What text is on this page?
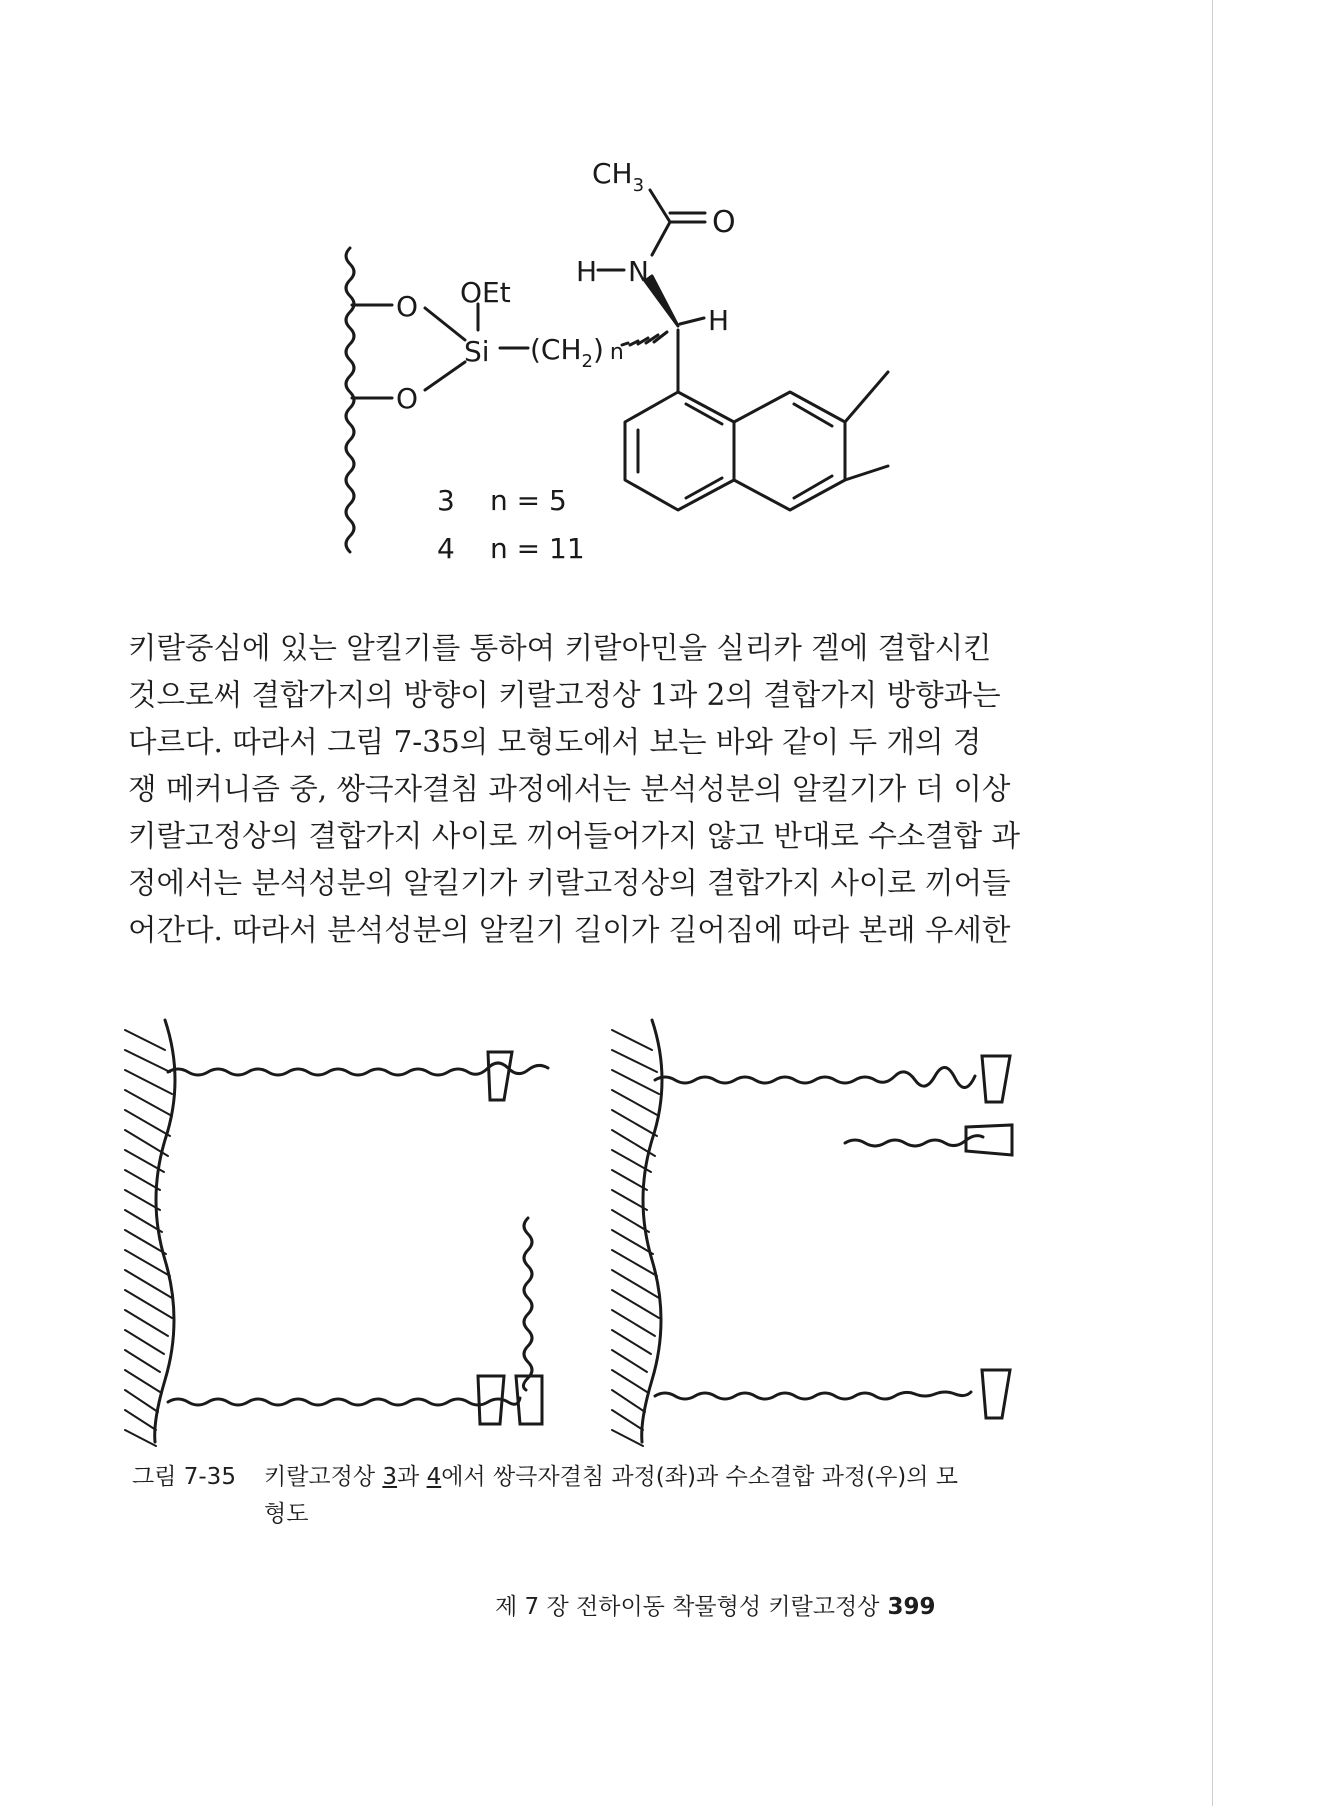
$CH_3$
O
H N
OEt
O
O
Si $(CH_2)$ n
H
3 n = 5
4 n = 11

키랄중심에 있는 알킬기를 통하여 키랄아민을 실리카 겔에 결합시킨

것으로써 결합가지의 방향이 키랄고정상 1과 2의 결합가지 방향과는

다르다. 따라서 그림 7-35의 모형도에서 보는 바와 같이 두 개의 경

쟁 메커니즘 중, 쌍극자결침 과정에서는 분석성분의 알킬기가 더 이상

키랄고정상의 결합가지 사이로 끼어들어가지 않고 반대로 수소결합 과

정에서는 분석성분의 알킬기가 키랄고정상의 결합가지 사이로 끼어들

어간다. 따라서 분석성분의 알킬기 길이가 길어짐에 따라 본래 우세한

그림 7-35 키랄고정상 3과 4에서 쌍극자결침 과정(좌)과 수소결합 과정(우)의 모
형도
제 7 장 전하이동 착물형성 키랄고정상 399
